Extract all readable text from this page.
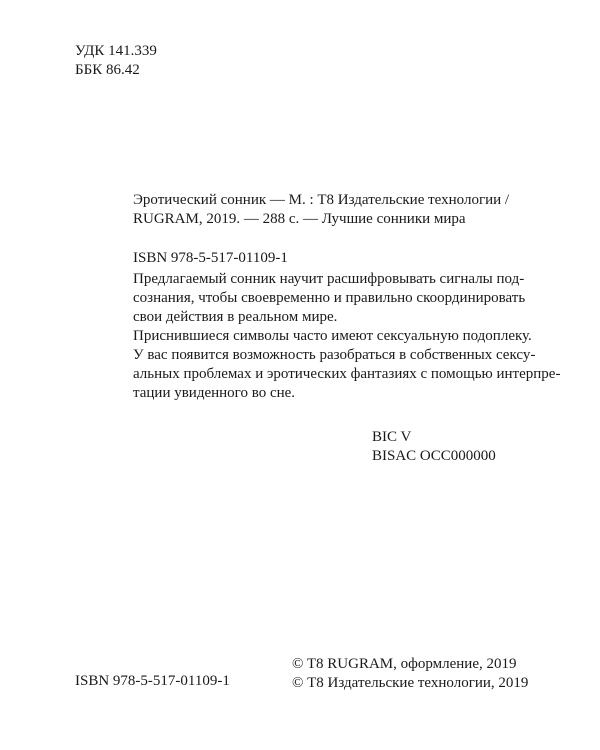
УДК 141.339
ББК 86.42
Эротический сонник — М. : Т8 Издательские технологии /
RUGRAM, 2019. — 288 с. — Лучшие сонники мира
ISBN 978-5-517-01109-1
Предлагаемый сонник научит расшифровывать сигналы под-
сознания, чтобы своевременно и правильно скоординировать
свои действия в реальном мире.
Приснившиеся символы часто имеют сексуальную подоплеку.
У вас появится возможность разобраться в собственных сексу-
альных проблемах и эротических фантазиях с помощью интерпре-
тации увиденного во сне.
BIC V
BISAC OCC000000
© T8 RUGRAM, оформление, 2019
© Т8 Издательские технологии, 2019
ISBN 978-5-517-01109-1
